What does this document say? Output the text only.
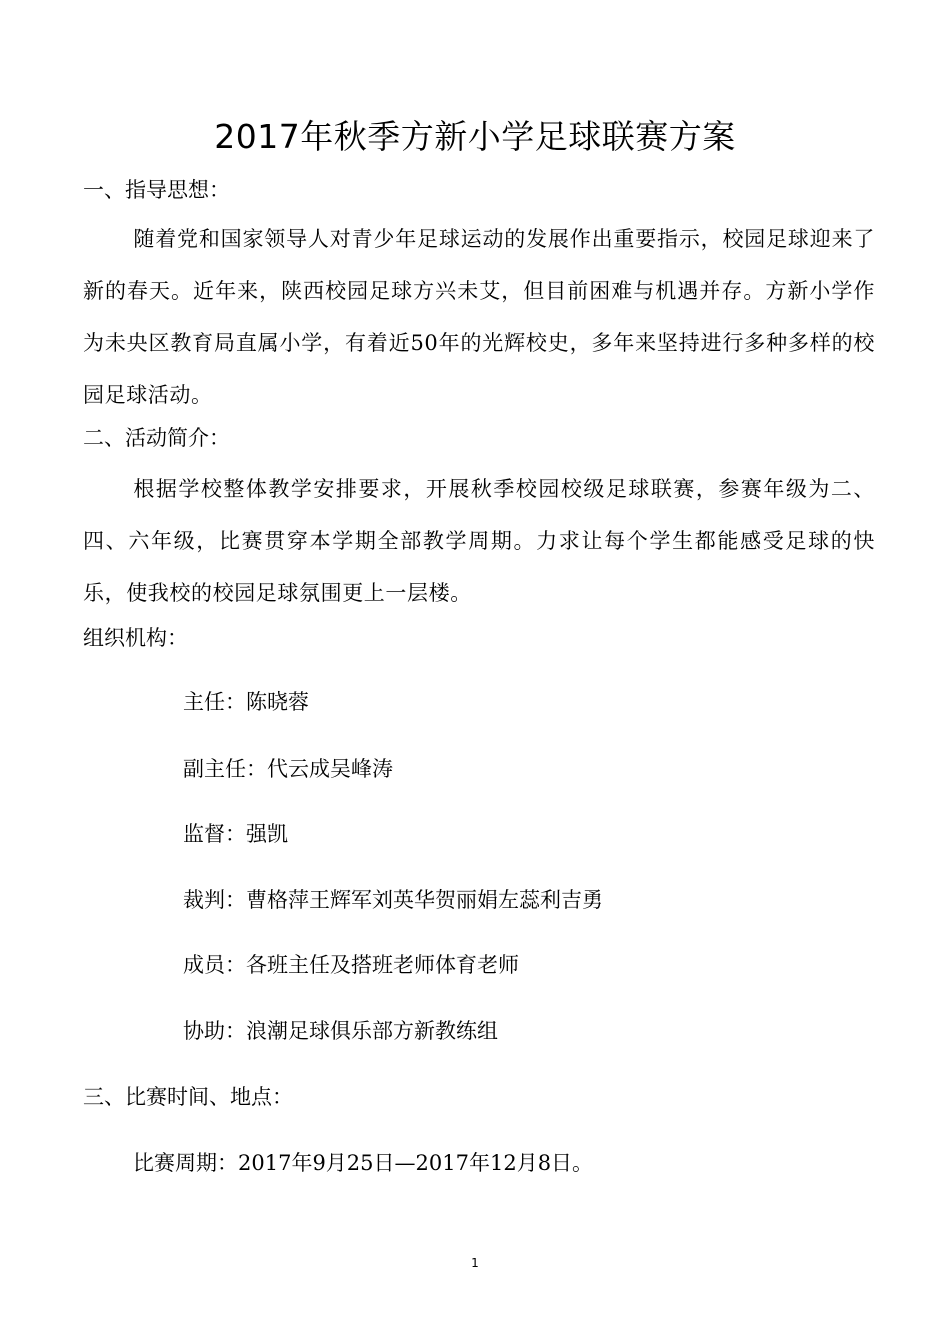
2017年秋季方新小学足球联赛方案
一、指导思想：

随着党和国家领导人对青少年足球运动的发展作出重要指示，校园足球迎来了新的春天。近年来，陕西校园足球方兴未艾，但目前困难与机遇并存。方新小学作为未央区教育局直属小学，有着近50年的光辉校史，多年来坚持进行多种多样的校园足球活动。

二、活动简介：

根据学校整体教学安排要求，开展秋季校园校级足球联赛，参赛年级为二、四、六年级，比赛贯穿本学期全部教学周期。力求让每个学生都能感受足球的快乐，使我校的校园足球氛围更上一层楼。

组织机构：
主任：陈晓蓉
副主任：代云成吴峰涛
监督：强凯
裁判：曹格萍王辉军刘英华贺丽娟左蕊利吉勇
成员：各班主任及搭班老师体育老师
协助：浪潮足球俱乐部方新教练组
三、比赛时间、地点：
比赛周期：2017年9月25日—2017年12月8日。
1
